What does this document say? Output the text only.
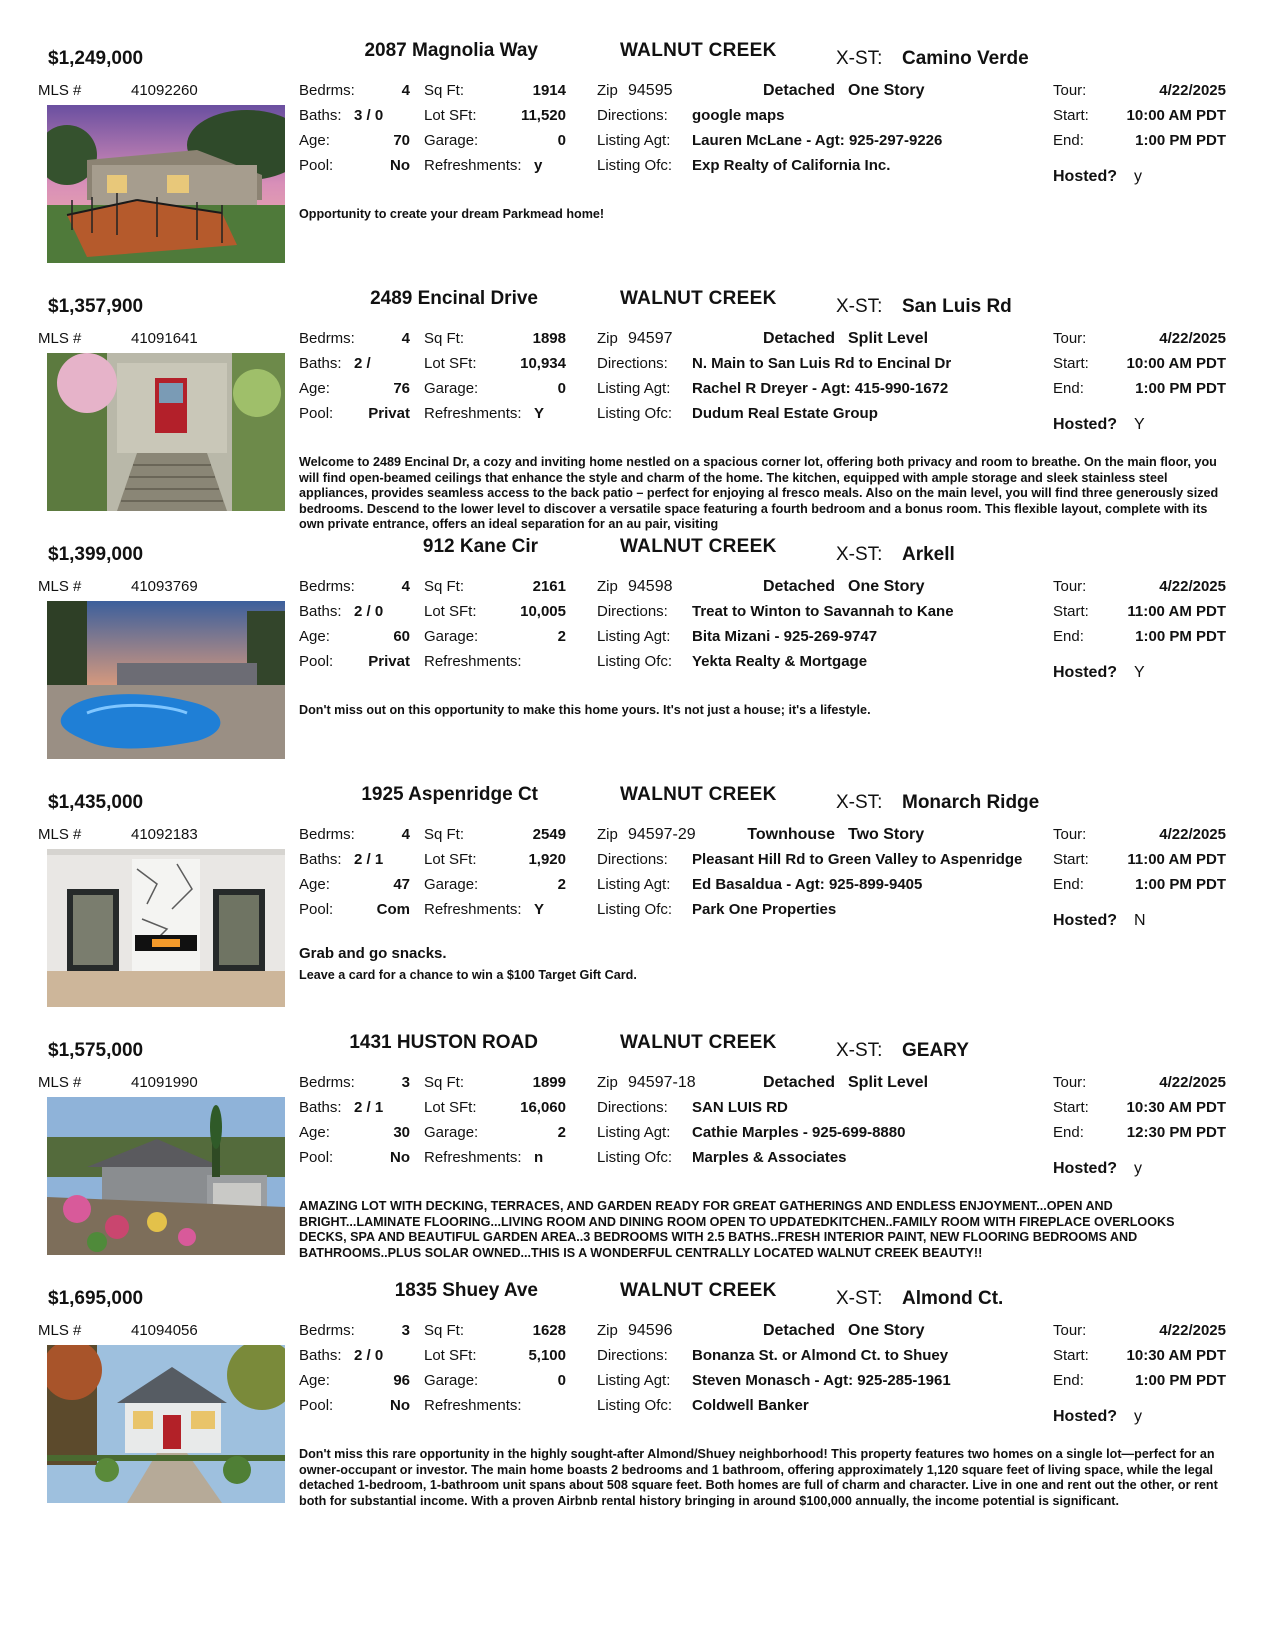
$1,249,000	2087 Magnolia Way	WALNUT CREEK	X-ST: Camino Verde
MLS #	41092260	Bedrms:	4
Baths: 3 / 0
Age:	70
Pool:	No
Sq Ft:	1914
Lot SFt:	11,520
Garage:	0
Refreshments: y
Zip 94595	Detached One Story
Directions: google maps
Listing Agt: Lauren McLane - Agt: 925-297-9226
Listing Ofc: Exp Realty of California Inc.
Tour:	4/22/2025
Start:	10:00 AM PDT
End:	1:00 PM PDT
Hosted? y
Opportunity to create your dream Parkmead home!
$1,357,900	2489 Encinal Drive	WALNUT CREEK	X-ST: San Luis Rd
MLS #	41091641	Bedrms:	4
Baths: 2 /
Age:	76
Pool:	Privat
Sq Ft:	1898
Lot SFt:	10,934
Garage:	0
Refreshments: Y
Zip 94597	Detached Split Level
Directions: N. Main to San Luis Rd to Encinal Dr
Listing Agt: Rachel R Dreyer - Agt: 415-990-1672
Listing Ofc: Dudum Real Estate Group
Tour:	4/22/2025
Start:	10:00 AM PDT
End:	1:00 PM PDT
Hosted? Y
Welcome to 2489 Encinal Dr, a cozy and inviting home nestled on a spacious corner lot, offering both privacy and room to breathe. On the main floor, you will find open-beamed ceilings that enhance the style and charm of the home. The kitchen, equipped with ample storage and sleek stainless steel appliances, provides seamless access to the back patio – perfect for enjoying al fresco meals. Also on the main level, you will find three generously sized bedrooms. Descend to the lower level to discover a versatile space featuring a fourth bedroom and a bonus room. This flexible layout, complete with its own private entrance, offers an ideal separation for an au pair, visiting
$1,399,000	912 Kane Cir	WALNUT CREEK	X-ST: Arkell
MLS #	41093769	Bedrms:	4
Baths: 2 / 0
Age:	60
Pool:	Privat
Sq Ft:	2161
Lot SFt:	10,005
Garage:	2
Refreshments:
Zip 94598	Detached One Story
Directions: Treat to Winton to Savannah to Kane
Listing Agt: Bita Mizani - 925-269-9747
Listing Ofc: Yekta Realty & Mortgage
Tour:	4/22/2025
Start:	11:00 AM PDT
End:	1:00 PM PDT
Hosted? Y
Don't miss out on this opportunity to make this home yours. It's not just a house; it's a lifestyle.
$1,435,000	1925 Aspenridge Ct	WALNUT CREEK	X-ST: Monarch Ridge
MLS #	41092183	Bedrms:	4
Baths: 2 / 1
Age:	47
Pool:	Com
Sq Ft:	2549
Lot SFt:	1,920
Garage:	2
Refreshments: Y
Zip 94597-29	Townhouse Two Story
Directions: Pleasant Hill Rd to Green Valley to Aspenridge
Listing Agt: Ed Basaldua - Agt: 925-899-9405
Listing Ofc: Park One Properties
Tour:	4/22/2025
Start:	11:00 AM PDT
End:	1:00 PM PDT
Hosted? N
Grab and go snacks.
Leave a card for a chance to win a $100 Target Gift Card.
$1,575,000	1431 HUSTON ROAD	WALNUT CREEK	X-ST: GEARY
MLS #	41091990	Bedrms:	3
Baths: 2 / 1
Age:	30
Pool:	No
Sq Ft:	1899
Lot SFt:	16,060
Garage:	2
Refreshments: n
Zip 94597-18	Detached Split Level
Directions: SAN LUIS RD
Listing Agt: Cathie Marples - 925-699-8880
Listing Ofc: Marples & Associates
Tour:	4/22/2025
Start:	10:30 AM PDT
End:	12:30 PM PDT
Hosted? y
AMAZING LOT WITH DECKING, TERRACES, AND GARDEN READY FOR GREAT GATHERINGS AND ENDLESS ENJOYMENT...OPEN AND BRIGHT...LAMINATE FLOORING...LIVING ROOM AND DINING ROOM OPEN TO UPDATEDKITCHEN..FAMILY ROOM WITH FIREPLACE OVERLOOKS DECKS, SPA AND BEAUTIFUL GARDEN AREA..3 BEDROOMS WITH 2.5 BATHS..FRESH INTERIOR PAINT, NEW FLOORING BEDROOMS AND BATHROOMS..PLUS SOLAR OWNED...THIS IS A WONDERFUL CENTRALLY LOCATED WALNUT CREEK BEAUTY!!
$1,695,000	1835 Shuey Ave	WALNUT CREEK	X-ST: Almond Ct.
MLS #	41094056	Bedrms:	3
Baths: 2 / 0
Age:	96
Pool:	No
Sq Ft:	1628
Lot SFt:	5,100
Garage:	0
Refreshments:
Zip 94596	Detached One Story
Directions: Bonanza St. or Almond Ct. to Shuey
Listing Agt: Steven Monasch - Agt: 925-285-1961
Listing Ofc: Coldwell Banker
Tour:	4/22/2025
Start:	10:30 AM PDT
End:	1:00 PM PDT
Hosted? y
Don't miss this rare opportunity in the highly sought-after Almond/Shuey neighborhood! This property features two homes on a single lot—perfect for an owner-occupant or investor. The main home boasts 2 bedrooms and 1 bathroom, offering approximately 1,120 square feet of living space, while the legal detached 1-bedroom, 1-bathroom unit spans about 508 square feet. Both homes are full of charm and character. Live in one and rent out the other, or rent both for substantial income. With a proven Airbnb rental history bringing in around $100,000 annually, the income potential is significant.
